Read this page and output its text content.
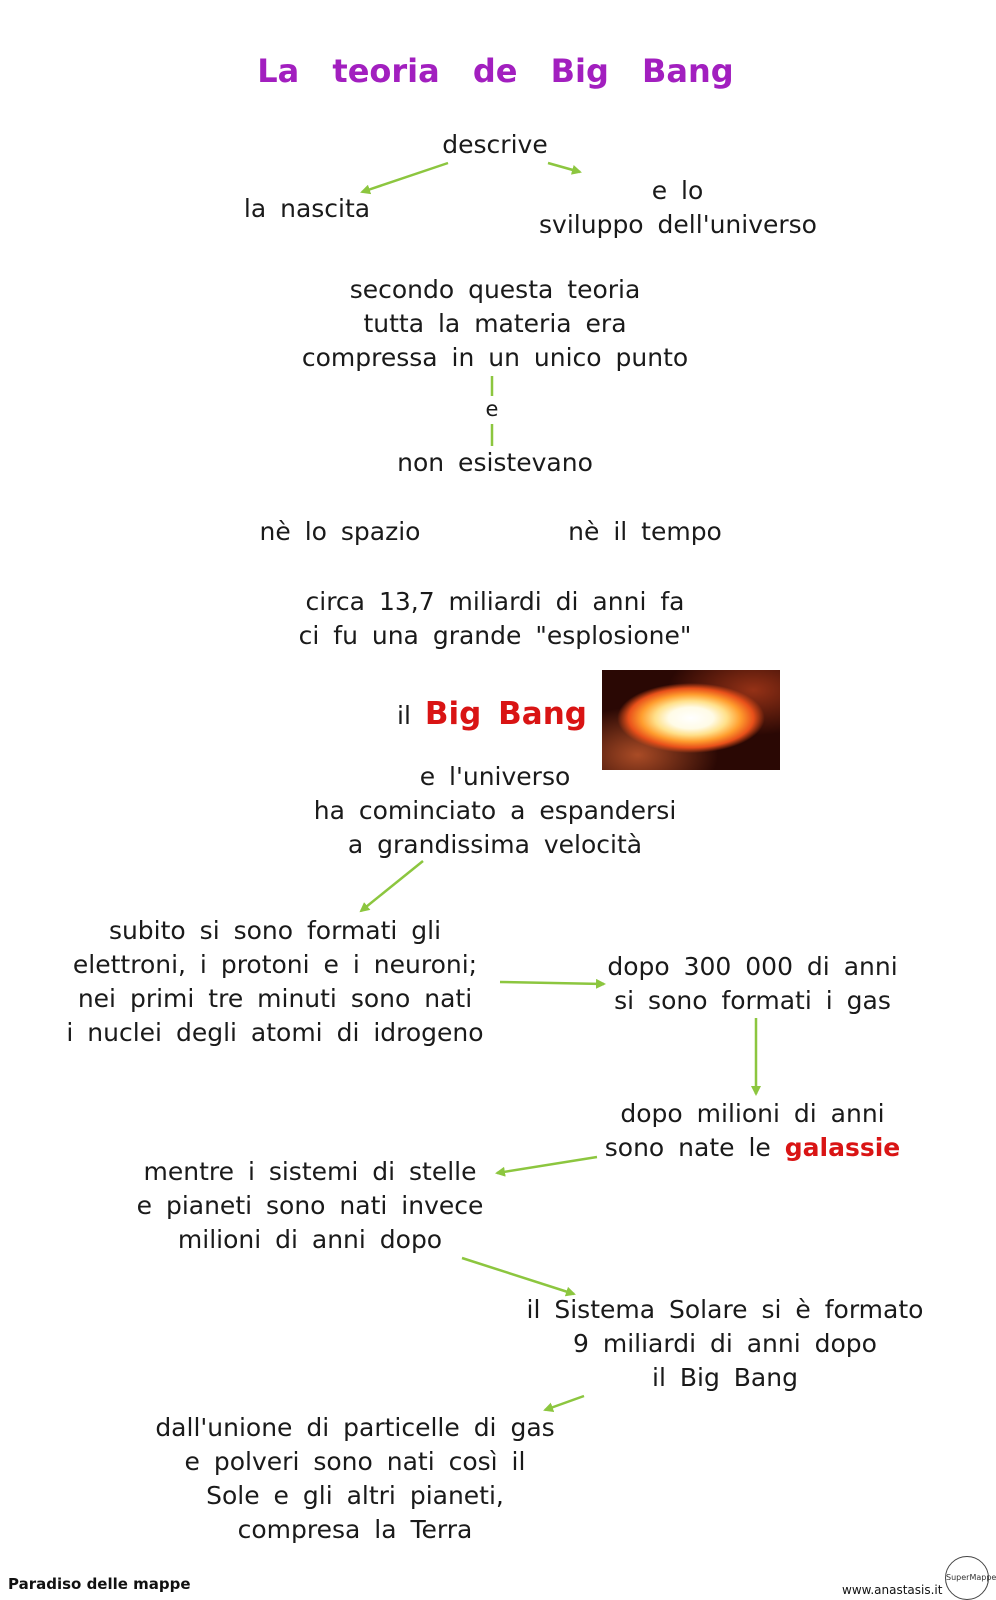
La teoria de Big Bang
descrive
la nascita
e lo
sviluppo dell'universo
secondo questa teoria
tutta la materia era
compressa in un unico punto
e
non esistevano
nè lo spazio	nè il tempo
circa 13,7 miliardi di anni fa
ci fu una grande "esplosione"
il Big Bang
e l'universo
ha cominciato a espandersi
a grandissima velocità
subito si sono formati gli
elettroni, i protoni e i neuroni;
nei primi tre minuti sono nati
i nuclei degli atomi di idrogeno
dopo 300 000 di anni
si sono formati i gas
dopo milioni di anni
sono nate le galassie
mentre i sistemi di stelle
e pianeti sono nati invece
milioni di anni dopo
il Sistema Solare si è formato
9 miliardi di anni dopo
il Big Bang
dall'unione di particelle di gas
e polveri sono nati così il
Sole e gli altri pianeti,
compresa la Terra
Paradiso delle mappe	www.anastasis.it
SuperMappe
